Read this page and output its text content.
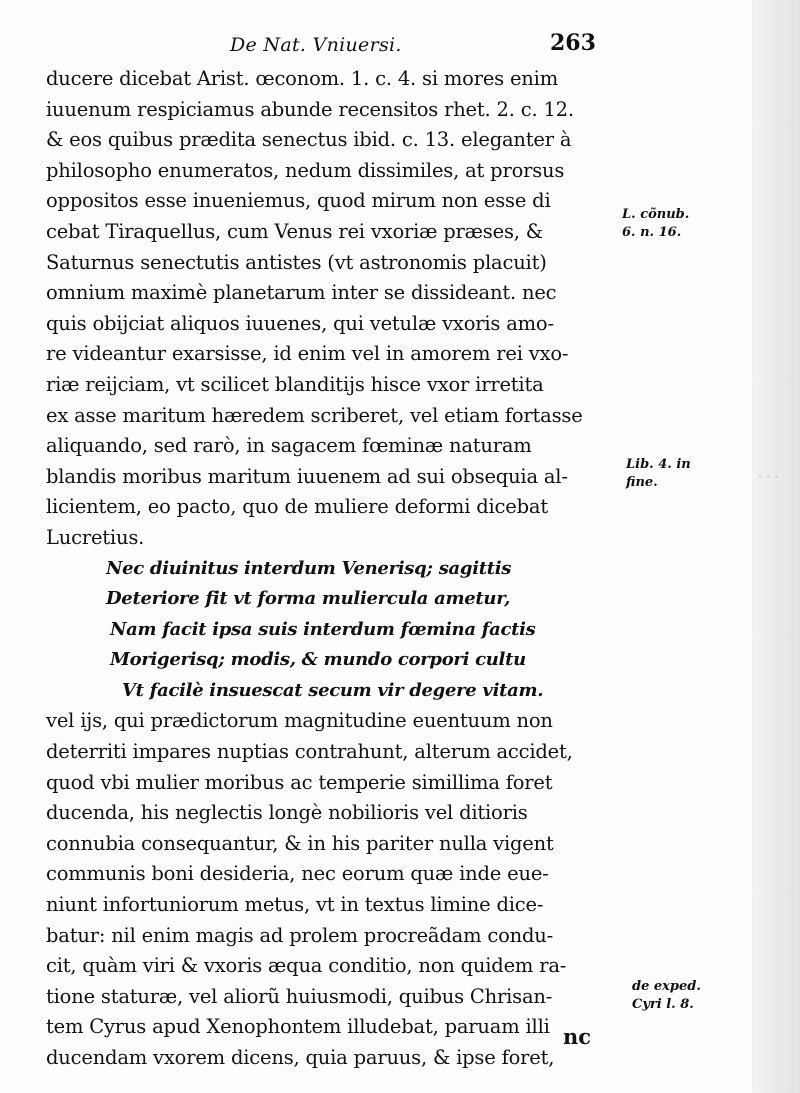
· · ·
De Nat. Vniuersi.	263
ducere dicebat Arist. œconom. 1. c. 4. si mores enim
iuuenum respiciamus abunde recensitos rhet. 2. c. 12.
& eos quibus prædita senectus ibid. c. 13. eleganter à
philosopho enumeratos, nedum dissimiles, at prorsus
oppositos esse inueniemus, quod mirum non esse di
cebat Tiraquellus, cum Venus rei vxoriæ præses, &
Saturnus senectutis antistes (vt astronomis placuit)
omnium maximè planetarum inter se dissideant. nec
quis obijciat aliquos iuuenes, qui vetulæ vxoris amo-
re videantur exarsisse, id enim vel in amorem rei vxo-
riæ reijciam, vt scilicet blanditijs hisce vxor irretita
ex asse maritum hæredem scriberet, vel etiam fortasse
aliquando, sed rarò, in sagacem fœminæ naturam
blandis moribus maritum iuuenem ad sui obsequia al-
licientem, eo pacto, quo de muliere deformi dicebat
Lucretius.
Nec diuinitus interdum Venerisq; sagittis
Deteriore fit vt forma muliercula ametur,
Nam facit ipsa suis interdum fœmina factis
Morigerisq; modis, & mundo corpori cultu
Vt facilè insuescat secum vir degere vitam.
vel ijs, qui prædictorum magnitudine euentuum non
deterriti impares nuptias contrahunt, alterum accidet,
quod vbi mulier moribus ac temperie simillima foret
ducenda, his neglectis longè nobilioris vel ditioris
connubia consequantur, & in his pariter nulla vigent
communis boni desideria, nec eorum quæ inde eue-
niunt infortuniorum metus, vt in textus limine dice-
batur: nil enim magis ad prolem procreãdam condu-
cit, quàm viri & vxoris æqua conditio, non quidem ra-
tione staturæ, vel aliorũ huiusmodi, quibus Chrisan-
tem Cyrus apud Xenophontem illudebat, paruam illi
ducendam vxorem dicens, quia paruus, & ipse foret,
L. cõnub.
6. n. 16.
Lib. 4. in
fine.
de exped.
Cyri l. 8.
nc
